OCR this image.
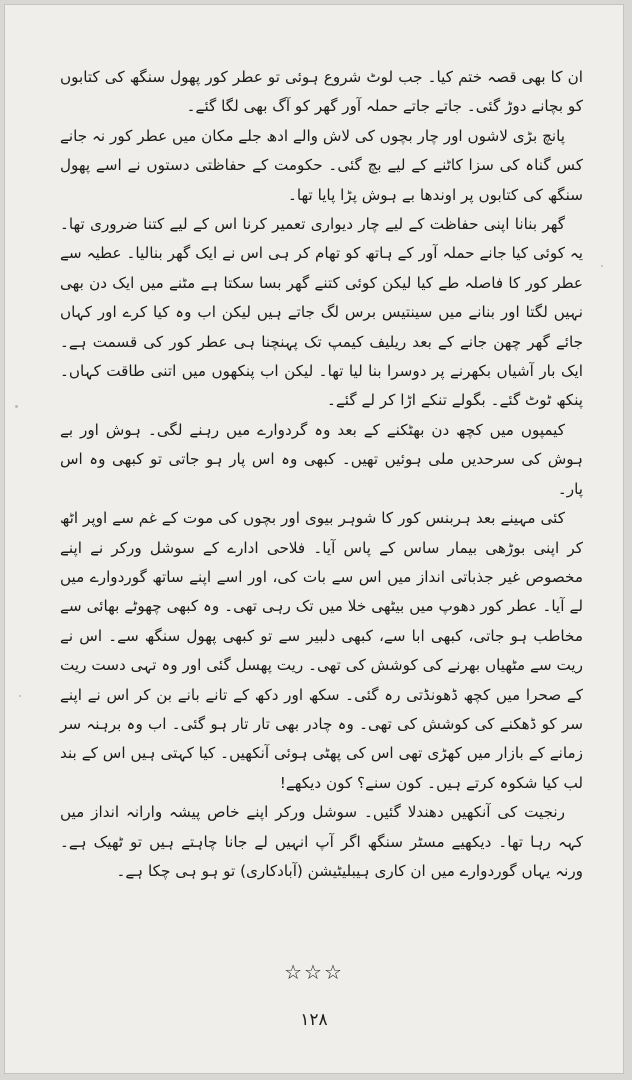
ان کا بھی قصہ ختم کیا۔ جب لوٹ شروع ہوئی تو عطر کور پھول سنگھ کی کتابوں کو بچانے دوڑ گئی۔ جاتے جاتے حملہ آور گھر کو آگ بھی لگا گئے۔

پانچ بڑی لاشوں اور چار بچوں کی لاش والے ادھ جلے مکان میں عطر کور نہ جانے کس گناہ کی سزا کاٹنے کے لیے بچ گئی۔ حکومت کے حفاظتی دستوں نے اسے پھول سنگھ کی کتابوں پر اوندھا بے ہوش پڑا پایا تھا۔

گھر بنانا اپنی حفاظت کے لیے چار دیواری تعمیر کرنا اس کے لیے کتنا ضروری تھا۔ یہ کوئی کیا جانے حملہ آور کے ہاتھ کو تھام کر ہی اس نے ایک گھر بنالیا۔ عطیہ سے عطر کور کا فاصلہ طے کیا لیکن کوئی کتنے گھر بسا سکتا ہے مٹنے میں ایک دن بھی نہیں لگتا اور بنانے میں سینتیس برس لگ جاتے ہیں لیکن اب وہ کیا کرے اور کہاں جائے گھر چھن جانے کے بعد ریلیف کیمپ تک پہنچنا ہی عطر کور کی قسمت ہے۔ ایک بار آشیاں بکھرنے پر دوسرا بنا لیا تھا۔ لیکن اب پنکھوں میں اتنی طاقت کہاں۔ پنکھ ٹوٹ گئے۔ بگولے تنکے اڑا کر لے گئے۔

کیمپوں میں کچھ دن بھٹکنے کے بعد وہ گردوارے میں رہنے لگی۔ ہوش اور بے ہوش کی سرحدیں ملی ہوئیں تھیں۔ کبھی وہ اس پار ہو جاتی تو کبھی وہ اس پار۔

کئی مہینے بعد ہربنس کور کا شوہر بیوی اور بچوں کی موت کے غم سے اوپر اٹھ کر اپنی بوڑھی بیمار ساس کے پاس آیا۔ فلاحی ادارے کے سوشل ورکر نے اپنے مخصوص غیر جذباتی انداز میں اس سے بات کی، اور اسے اپنے ساتھ گوردوارے میں لے آیا۔ عطر کور دھوپ میں بیٹھی خلا میں تک رہی تھی۔ وہ کبھی چھوٹے بھائی سے مخاطب ہو جاتی، کبھی ابا سے، کبھی دلبیر سے تو کبھی پھول سنگھ سے۔ اس نے ریت سے مٹھیاں بھرنے کی کوشش کی تھی۔ ریت پھسل گئی اور وہ تہی دست ریت کے صحرا میں کچھ ڈھونڈتی رہ گئی۔ سکھ اور دکھ کے تانے بانے بن کر اس نے اپنے سر کو ڈھکنے کی کوشش کی تھی۔ وہ چادر بھی تار تار ہو گئی۔ اب وہ برہنہ سر زمانے کے بازار میں کھڑی تھی اس کی پھٹی ہوئی آنکھیں۔ کیا کہتی ہیں اس کے بند لب کیا شکوہ کرتے ہیں۔ کون سنے؟ کون دیکھے!

رنجیت کی آنکھیں دھندلا گئیں۔ سوشل ورکر اپنے خاص پیشہ وارانہ انداز میں کہہ رہا تھا۔ دیکھیے مسٹر سنگھ اگر آپ انہیں لے جانا چاہتے ہیں تو ٹھیک ہے۔ ورنہ یہاں گوردوارے میں ان کاری ہیبلیٹیشن (آبادکاری) تو ہو ہی چکا ہے۔

☆☆☆
۱۲۸
